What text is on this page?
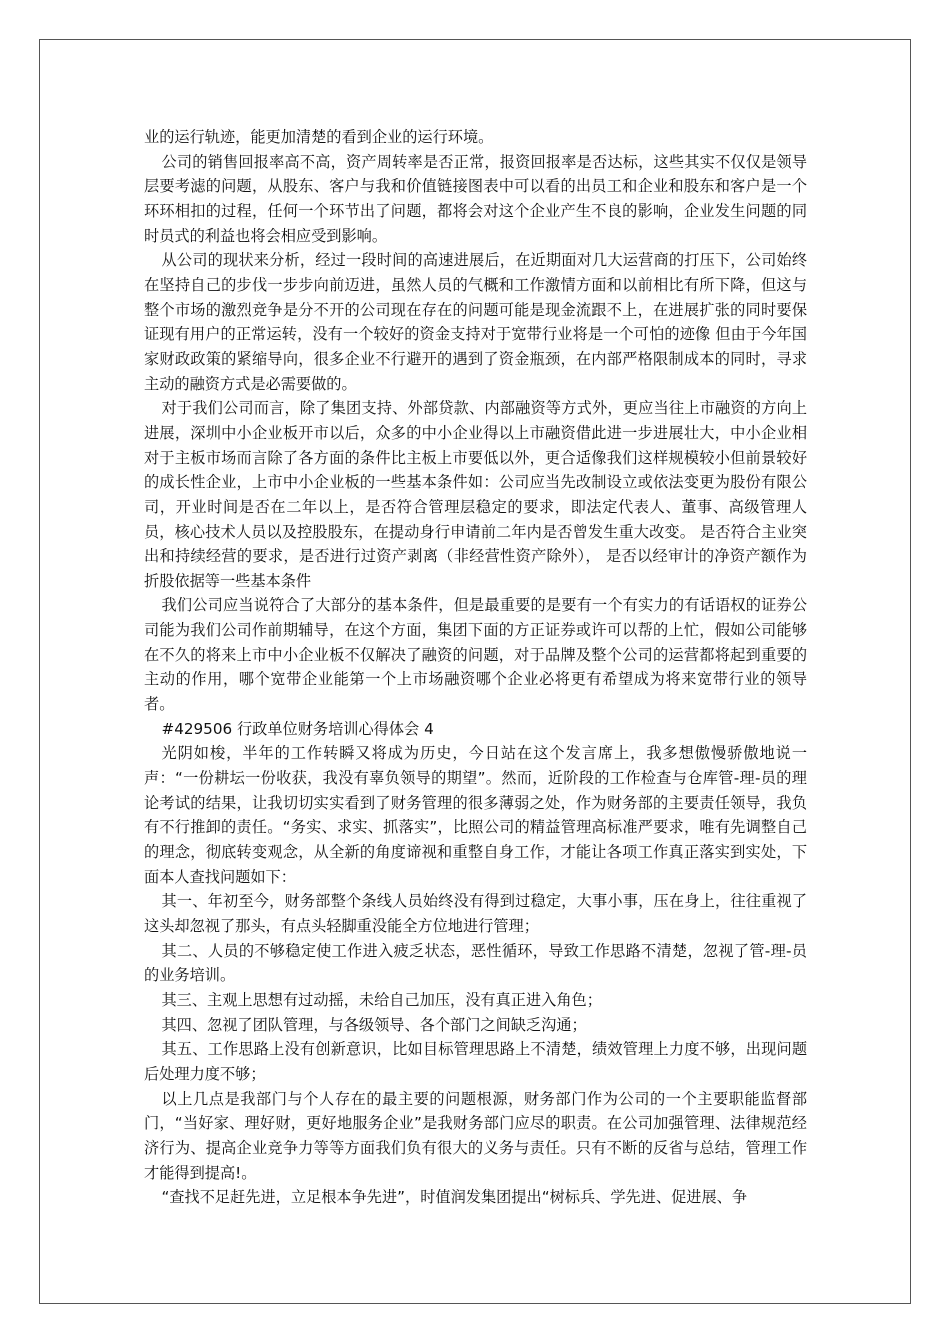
业的运行轨迹，能更加清楚的看到企业的运行环境。

公司的销售回报率高不高，资产周转率是否正常，报资回报率是否达标，这些其实不仅仅是领导层要考滤的问题，从股东、客户与我和价值链接图表中可以看的出员工和企业和股东和客户是一个环环相扣的过程，任何一个环节出了问题，都将会对这个企业产生不良的影响，企业发生问题的同时员式的利益也将会相应受到影响。

从公司的现状来分析，经过一段时间的高速进展后，在近期面对几大运营商的打压下，公司始终在坚持自己的步伐一步步向前迈进，虽然人员的气概和工作激情方面和以前相比有所下降，但这与整个市场的激烈竞争是分不开的公司现在存在的问题可能是现金流跟不上，在进展扩张的同时要保证现有用户的正常运转，没有一个较好的资金支持对于宽带行业将是一个可怕的迹像 但由于今年国家财政政策的紧缩导向，很多企业不行避开的遇到了资金瓶颈，在内部严格限制成本的同时，寻求主动的融资方式是必需要做的。

对于我们公司而言，除了集团支持、外部贷款、内部融资等方式外，更应当往上市融资的方向上进展，深圳中小企业板开市以后，众多的中小企业得以上市融资借此进一步进展壮大，中小企业相对于主板市场而言除了各方面的条件比主板上市要低以外，更合适像我们这样规模较小但前景较好的成长性企业，上市中小企业板的一些基本条件如：公司应当先改制设立或依法变更为股份有限公司，开业时间是否在二年以上，是否符合管理层稳定的要求，即法定代表人、董事、高级管理人员，核心技术人员以及控股股东，在提动身行申请前二年内是否曾发生重大改变。 是否符合主业突出和持续经营的要求，是否进行过资产剥离（非经营性资产除外）， 是否以经审计的净资产额作为折股依据等一些基本条件

我们公司应当说符合了大部分的基本条件，但是最重要的是要有一个有实力的有话语权的证券公司能为我们公司作前期辅导，在这个方面，集团下面的方正证券或许可以帮的上忙，假如公司能够在不久的将来上市中小企业板不仅解决了融资的问题，对于品牌及整个公司的运营都将起到重要的主动的作用，哪个宽带企业能第一个上市场融资哪个企业必将更有希望成为将来宽带行业的领导者。

#429506 行政单位财务培训心得体会 4

光阴如梭，半年的工作转瞬又将成为历史，今日站在这个发言席上，我多想傲慢骄傲地说一声：“一份耕坛一份收获，我没有辜负领导的期望”。然而，近阶段的工作检查与仓库管-理-员的理论考试的结果，让我切切实实看到了财务管理的很多薄弱之处，作为财务部的主要责任领导，我负有不行推卸的责任。“务实、求实、抓落实”，比照公司的精益管理高标准严要求，唯有先调整自己的理念，彻底转变观念，从全新的角度谛视和重整自身工作，才能让各项工作真正落实到实处，下面本人查找问题如下：

其一、年初至今，财务部整个条线人员始终没有得到过稳定，大事小事，压在身上，往往重视了这头却忽视了那头，有点头轻脚重没能全方位地进行管理；

其二、人员的不够稳定使工作进入疲乏状态，恶性循环，导致工作思路不清楚，忽视了管-理-员的业务培训。

其三、主观上思想有过动摇，未给自己加压，没有真正进入角色；

其四、忽视了团队管理，与各级领导、各个部门之间缺乏沟通；

其五、工作思路上没有创新意识，比如目标管理思路上不清楚，绩效管理上力度不够，出现问题后处理力度不够；

以上几点是我部门与个人存在的最主要的问题根源，财务部门作为公司的一个主要职能监督部门，“当好家、理好财，更好地服务企业”是我财务部门应尽的职责。在公司加强管理、法律规范经济行为、提高企业竞争力等等方面我们负有很大的义务与责任。只有不断的反省与总结，管理工作才能得到提高!。

“查找不足赶先进，立足根本争先进”，时值润发集团提出“树标兵、学先进、促进展、争
